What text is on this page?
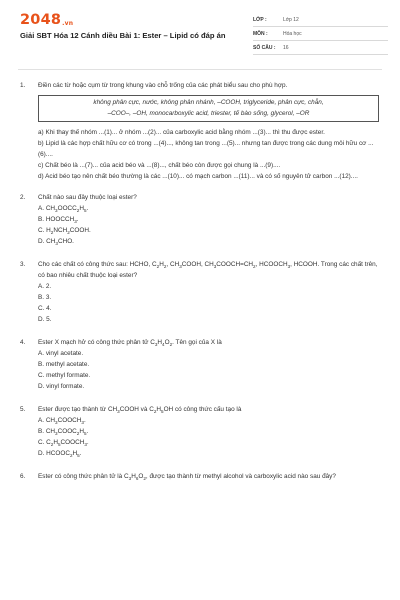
$2048_{.vn}$
Giải SBT Hóa 12 Cánh diều Bài 1: Ester – Lipid có đáp án
LỚP :	Lớp 12
MÔN :	Hóa học
SỐ CÂU :	16
1. Điền các từ hoặc cụm từ trong khung vào chỗ trống của các phát biểu sau cho phù hợp.
không phân cực, nước, không phân nhánh, –COOH, triglyceride, phân cực, chẵn,
–COO–, –OH, monocarboxylic acid, triester, tế bào sống, glycerol, –OR
a) Khi thay thế nhóm ...(1)... ở nhóm ...(2)... của carboxylic acid bằng nhóm ...(3)... thì thu được ester.
b) Lipid là các hợp chất hữu cơ có trong ...(4)..., không tan trong ...(5)... nhưng tan được trong các dung môi hữu cơ ...(6)....
c) Chất béo là ...(7)... của acid béo và ...(8)..., chất béo còn được gọi chung là ...(9)....
d) Acid béo tạo nên chất béo thường là các ...(10)... có mạch carbon ...(11)... và có số nguyên tử carbon ...(12)....
2. Chất nào sau đây thuộc loại ester?
A. $CH_3OOCC_2H_5$.
B. $HOOCCH_3$.
C. $H_2NCH_2COOH$.
D. $CH_3CHO$.
3. Cho các chất có công thức sau: HCHO, $C_2H_2$, $CH_3COOH$, $CH_3COOCH=CH_2$, $HCOOCH_3$, HCOOH. Trong các chất trên, có bao nhiêu chất thuộc loại ester?
A. 2.
B. 3.
C. 4.
D. 5.
4. Ester X mạch hở có công thức phân tử $C_3H_4O_2$. Tên gọi của X là
A. vinyl acetate.
B. methyl acetate.
C. methyl formate.
D. vinyl formate.
5. Ester được tạo thành từ $CH_3COOH$ và $C_2H_5OH$ có công thức cấu tạo là
A. $CH_3COOCH_3$.
B. $CH_3COOC_2H_5$.
C. $C_2H_5COOCH_3$.
D. $HCOOC_2H_5$.
6. Ester có công thức phân tử là $C_3H_6O_2$, được tạo thành từ methyl alcohol và carboxylic acid nào sau đây?
